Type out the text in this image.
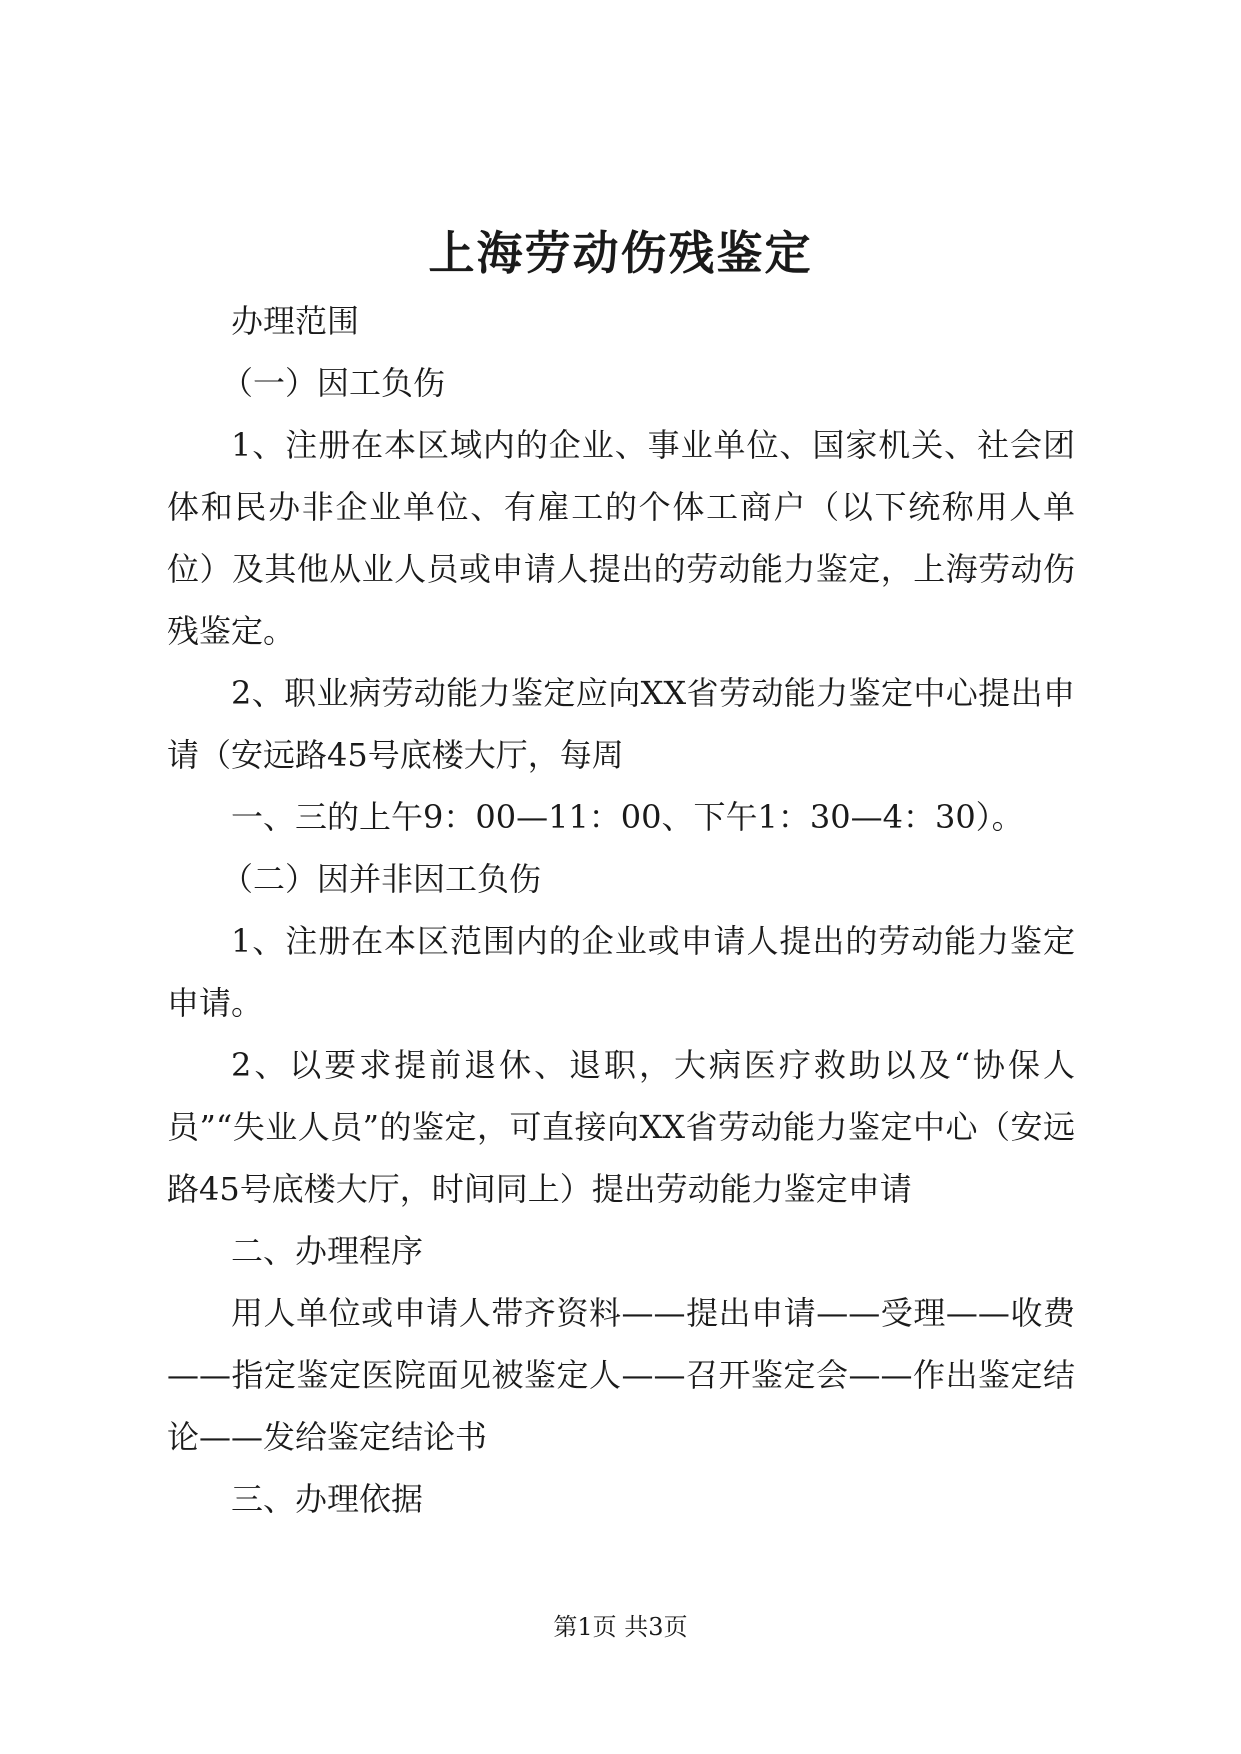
上海劳动伤残鉴定

办理范围

（一）因工负伤

1、注册在本区域内的企业、事业单位、国家机关、社会团体和民办非企业单位、有雇工的个体工商户（以下统称用人单位）及其他从业人员或申请人提出的劳动能力鉴定，上海劳动伤残鉴定。

2、职业病劳动能力鉴定应向XX省劳动能力鉴定中心提出申请（安远路45号底楼大厅，每周

一、三的上午9：00—11：00、下午1：30—4：30）。

（二）因并非因工负伤

1、注册在本区范围内的企业或申请人提出的劳动能力鉴定申请。

2、以要求提前退休、退职，大病医疗救助以及“协保人员”“失业人员”的鉴定，可直接向XX省劳动能力鉴定中心（安远路45号底楼大厅，时间同上）提出劳动能力鉴定申请

二、办理程序

用人单位或申请人带齐资料——提出申请——受理——收费——指定鉴定医院面见被鉴定人——召开鉴定会——作出鉴定结论——发给鉴定结论书

三、办理依据

第1页 共3页
